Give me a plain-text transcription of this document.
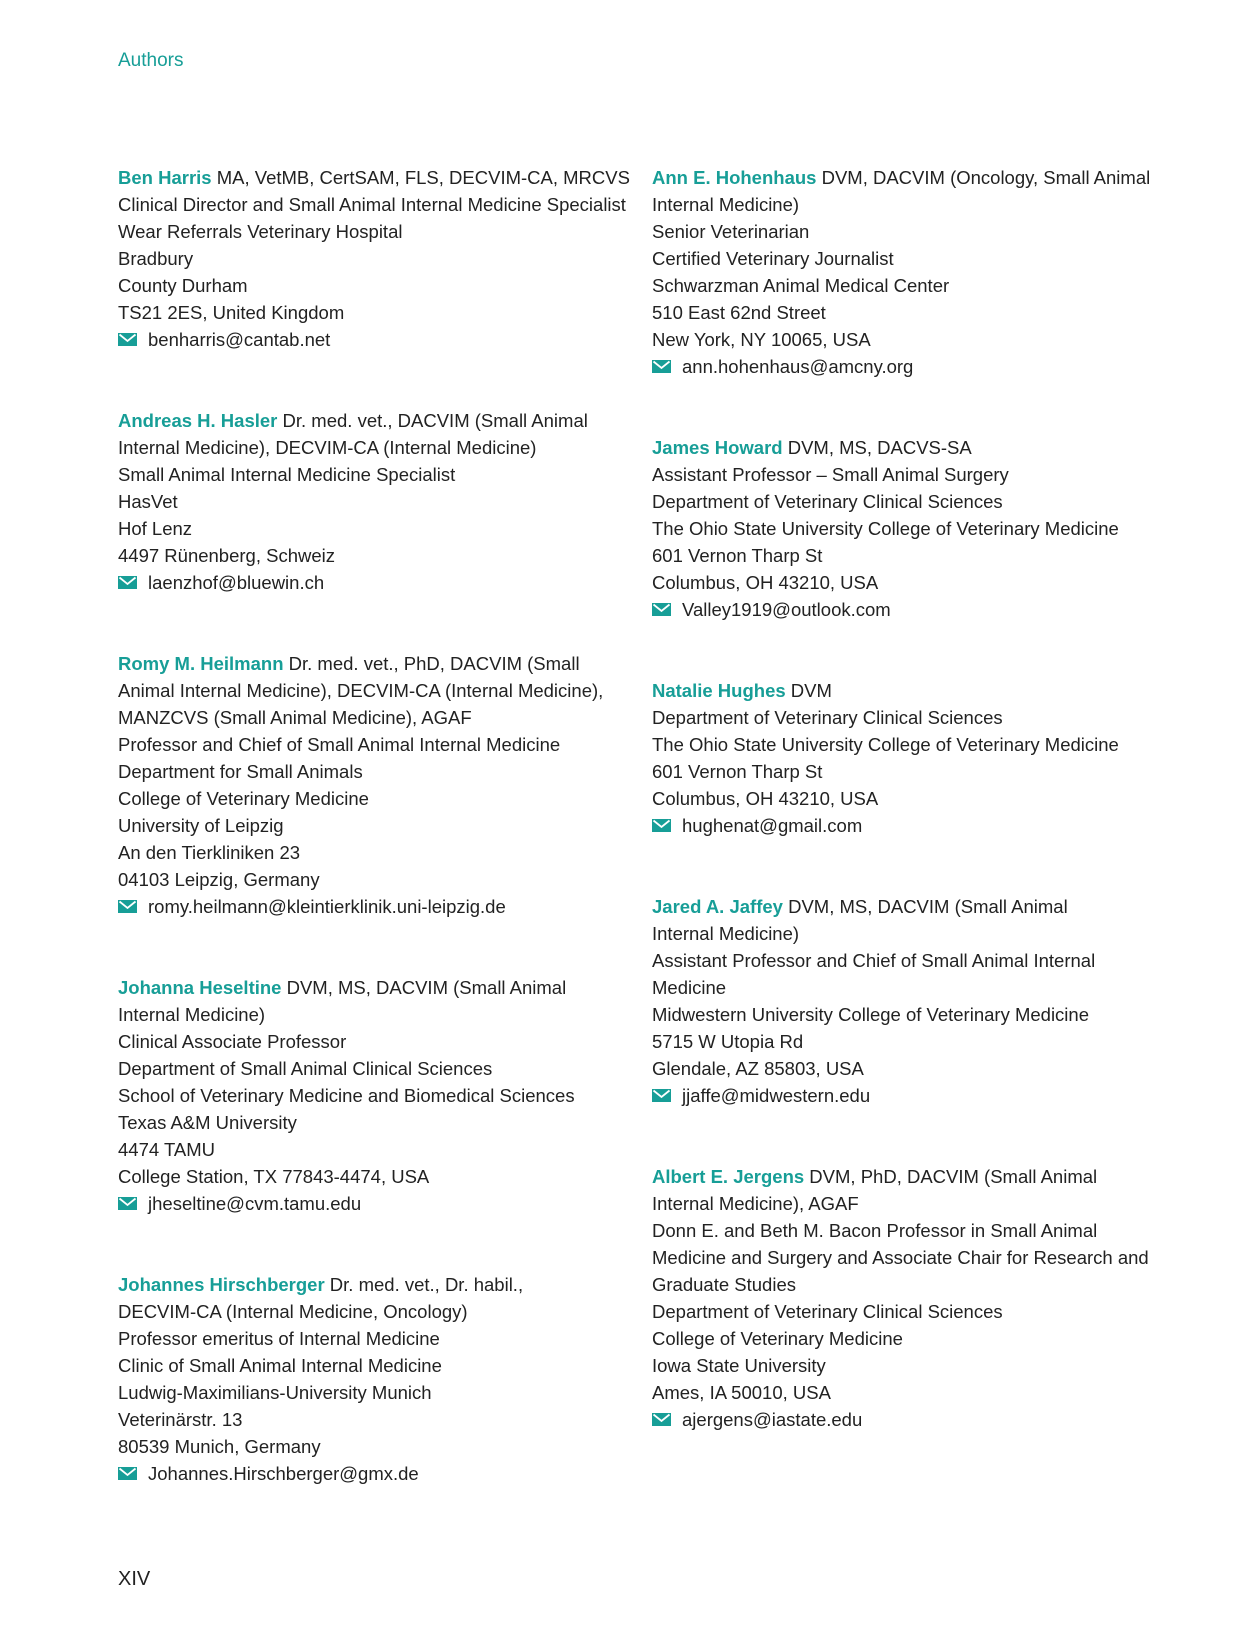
Authors
Ben Harris MA, VetMB, CertSAM, FLS, DECVIM-CA, MRCVS
Clinical Director and Small Animal Internal Medicine Specialist
Wear Referrals Veterinary Hospital
Bradbury
County Durham
TS21 2ES, United Kingdom
benharris@cantab.net
Andreas H. Hasler Dr. med. vet., DACVIM (Small Animal
Internal Medicine), DECVIM-CA (Internal Medicine)
Small Animal Internal Medicine Specialist
HasVet
Hof Lenz
4497 Rünenberg, Schweiz
laenzhof@bluewin.ch
Romy M. Heilmann Dr. med. vet., PhD, DACVIM (Small
Animal Internal Medicine), DECVIM-CA (Internal Medicine),
MANZCVS (Small Animal Medicine), AGAF
Professor and Chief of Small Animal Internal Medicine
Department for Small Animals
College of Veterinary Medicine
University of Leipzig
An den Tierkliniken 23
04103 Leipzig, Germany
romy.heilmann@kleintierklinik.uni-leipzig.de
Johanna Heseltine DVM, MS, DACVIM (Small Animal
Internal Medicine)
Clinical Associate Professor
Department of Small Animal Clinical Sciences
School of Veterinary Medicine and Biomedical Sciences
Texas A&M University
4474 TAMU
College Station, TX 77843-4474, USA
jheseltine@cvm.tamu.edu
Johannes Hirschberger Dr. med. vet., Dr. habil.,
DECVIM-CA (Internal Medicine, Oncology)
Professor emeritus of Internal Medicine
Clinic of Small Animal Internal Medicine
Ludwig-Maximilians-University Munich
Veterinärstr. 13
80539 Munich, Germany
Johannes.Hirschberger@gmx.de
Ann E. Hohenhaus DVM, DACVIM (Oncology, Small Animal
Internal Medicine)
Senior Veterinarian
Certified Veterinary Journalist
Schwarzman Animal Medical Center
510 East 62nd Street
New York, NY 10065, USA
ann.hohenhaus@amcny.org
James Howard DVM, MS, DACVS-SA
Assistant Professor – Small Animal Surgery
Department of Veterinary Clinical Sciences
The Ohio State University College of Veterinary Medicine
601 Vernon Tharp St
Columbus, OH 43210, USA
Valley1919@outlook.com
Natalie Hughes DVM
Department of Veterinary Clinical Sciences
The Ohio State University College of Veterinary Medicine
601 Vernon Tharp St
Columbus, OH 43210, USA
hughenat@gmail.com
Jared A. Jaffey DVM, MS, DACVIM (Small Animal
Internal Medicine)
Assistant Professor and Chief of Small Animal Internal
Medicine
Midwestern University College of Veterinary Medicine
5715 W Utopia Rd
Glendale, AZ 85803, USA
jjaffe@midwestern.edu
Albert E. Jergens DVM, PhD, DACVIM (Small Animal
Internal Medicine), AGAF
Donn E. and Beth M. Bacon Professor in Small Animal
Medicine and Surgery and Associate Chair for Research and
Graduate Studies
Department of Veterinary Clinical Sciences
College of Veterinary Medicine
Iowa State University
Ames, IA 50010, USA
ajergens@iastate.edu
XIV
